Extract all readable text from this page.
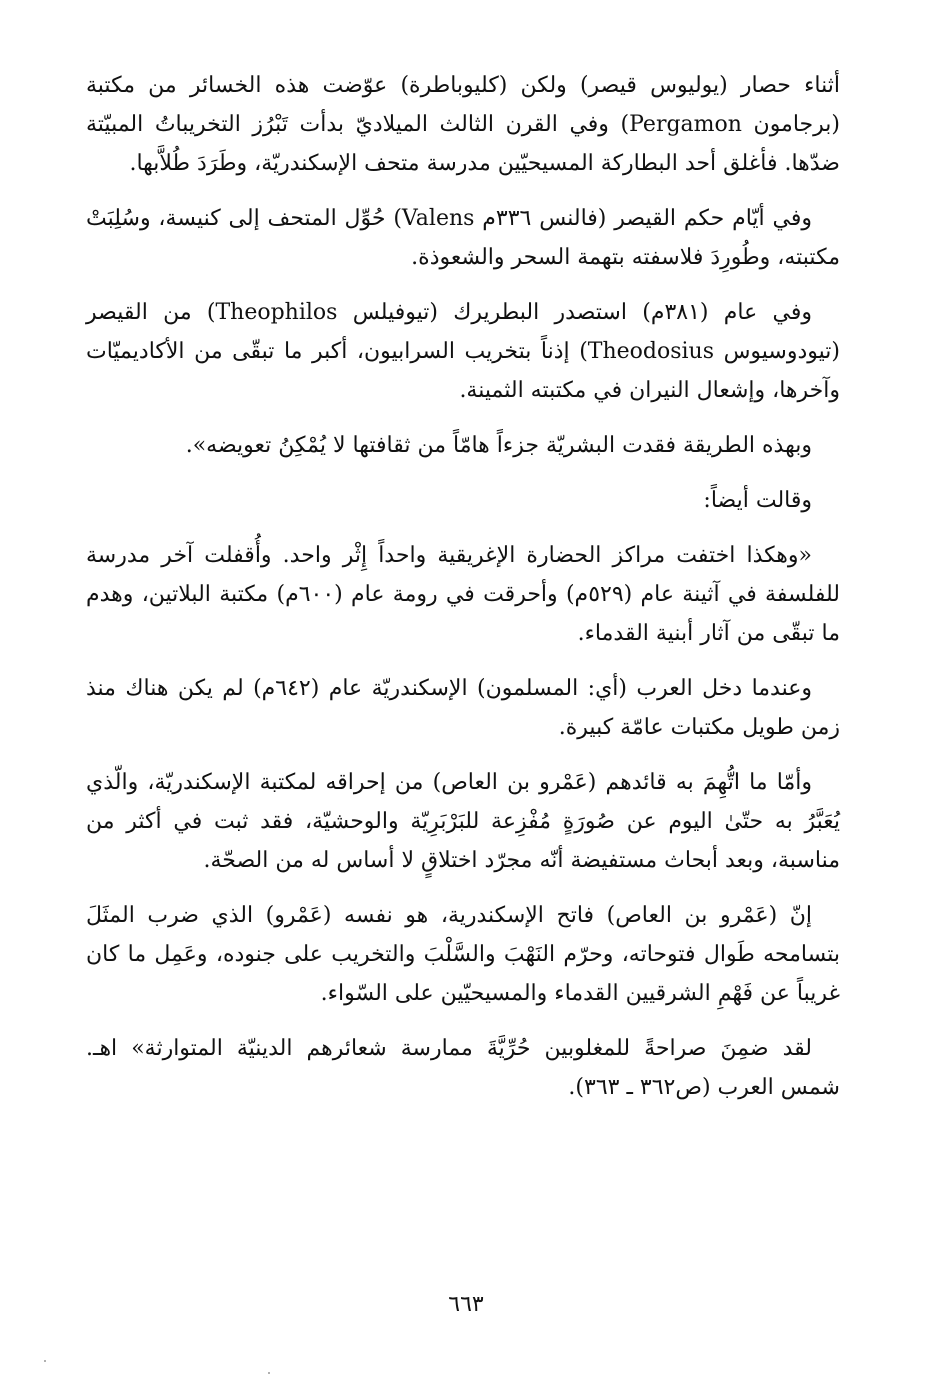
أثناء حصار (يوليوس قيصر) ولكن (كليوباطرة) عوّضت هذه الخسائر من مكتبة (برجامون Pergamon) وفي القرن الثالث الميلاديّ بدأت تَبْرُز التخريباتُ المبيّتة ضدّها. فأغلق أحد البطاركة المسيحيّين مدرسة متحف الإسكندريّة، وطَرَدَ طُلاَّبها.

وفي أيّام حكم القيصر (فالنس ٣٣٦م Valens) حُوِّل المتحف إلى كنيسة، وسُلِبَتْ مكتبته، وطُورِدَ فلاسفته بتهمة السحر والشعوذة.

وفي عام (٣٨١م) استصدر البطريرك (تيوفيلس Theophilos) من القيصر (تيودوسيوس Theodosius) إذناً بتخريب السرابيون، أكبر ما تبقّى من الأكاديميّات وآخرها، وإشعال النيران في مكتبته الثمينة.

وبهذه الطريقة فقدت البشريّة جزءاً هامّاً من ثقافتها لا يُمْكِنُ تعويضه».

وقالت أيضاً:

«وهكذا اختفت مراكز الحضارة الإغريقية واحداً إِثْر واحد. وأُقفلت آخر مدرسة للفلسفة في آثينة عام (٥٢٩م) وأحرقت في رومة عام (٦٠٠م) مكتبة البلاتين، وهدم ما تبقّى من آثار أبنية القدماء.

وعندما دخل العرب (أي: المسلمون) الإسكندريّة عام (٦٤٢م) لم يكن هناك منذ زمن طويل مكتبات عامّة كبيرة.

وأمّا ما اتُّهِمَ به قائدهم (عَمْرو بن العاص) من إحراقه لمكتبة الإسكندريّة، والّذي يُعَبَّرُ به حتّىٰ اليوم عن صُورَةٍ مُفْزِعة للبَرْبَرِيّة والوحشيّة، فقد ثبت في أكثر من مناسبة، وبعد أبحاث مستفيضة أنّه مجرّد اختلاقٍ لا أساس له من الصحّة.

إنّ (عَمْرو بن العاص) فاتح الإسكندرية، هو نفسه (عَمْرو) الذي ضرب المثَلَ بتسامحه طَوال فتوحاته، وحرّم النَهْبَ والسَّلْبَ والتخريب على جنوده، وعَمِل ما كان غريباً عن فَهْمِ الشرقيين القدماء والمسيحيّين على السّواء.

لقد ضمِنَ صراحةً للمغلوبين حُرِّيَّةَ ممارسة شعائرهم الدينيّة المتوارثة» اهـ. شمس العرب (ص٣٦٢ ـ ٣٦٣).

٦٦٣
